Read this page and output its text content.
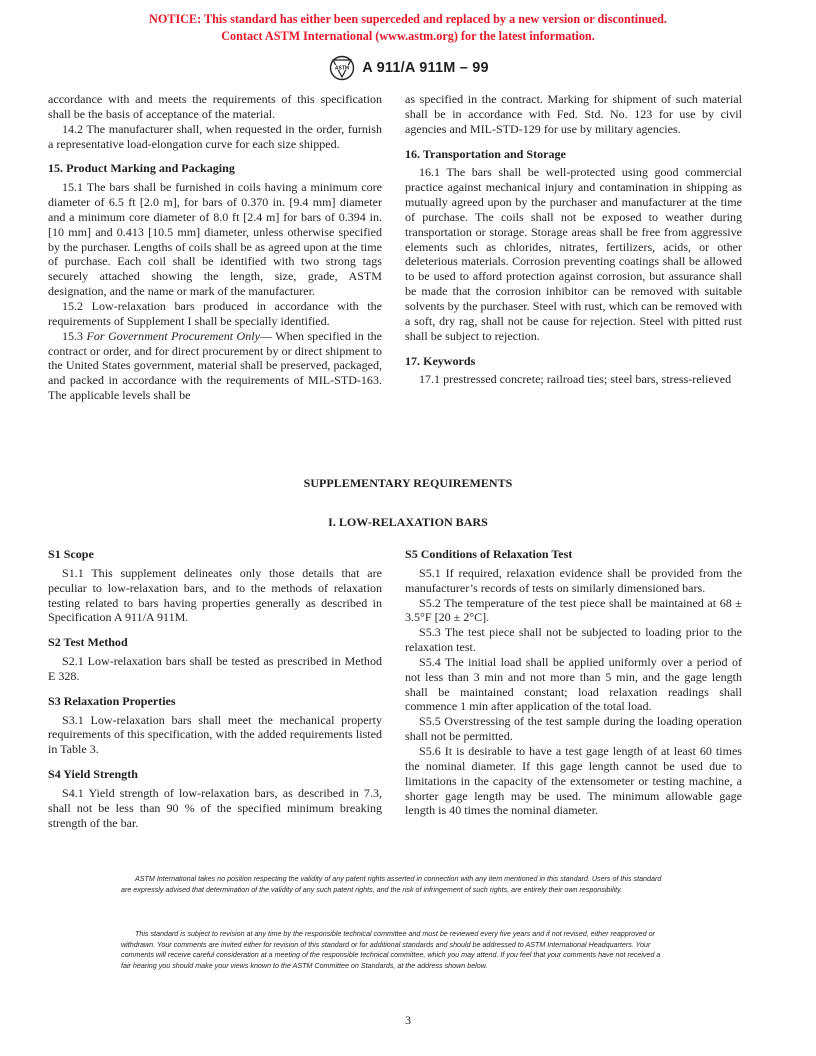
NOTICE: This standard has either been superceded and replaced by a new version or discontinued.
Contact ASTM International (www.astm.org) for the latest information.
ASTM A 911/A 911M – 99

accordance with and meets the requirements of this specification shall be the basis of acceptance of the material.

14.2 The manufacturer shall, when requested in the order, furnish a representative load-elongation curve for each size shipped.

15. Product Marking and Packaging

15.1 The bars shall be furnished in coils having a minimum core diameter of 6.5 ft [2.0 m], for bars of 0.370 in. [9.4 mm] diameter and a minimum core diameter of 8.0 ft [2.4 m] for bars of 0.394 in. [10 mm] and 0.413 [10.5 mm] diameter, unless otherwise specified by the purchaser. Lengths of coils shall be as agreed upon at the time of purchase. Each coil shall be identified with two strong tags securely attached showing the length, size, grade, ASTM designation, and the name or mark of the manufacturer.

15.2 Low-relaxation bars produced in accordance with the requirements of Supplement I shall be specially identified.

15.3 For Government Procurement Only— When specified in the contract or order, and for direct procurement by or direct shipment to the United States government, material shall be preserved, packaged, and packed in accordance with the requirements of MIL-STD-163. The applicable levels shall be

as specified in the contract. Marking for shipment of such material shall be in accordance with Fed. Std. No. 123 for use by civil agencies and MIL-STD-129 for use by military agencies.

16. Transportation and Storage

16.1 The bars shall be well-protected using good commercial practice against mechanical injury and contamination in shipping as mutually agreed upon by the purchaser and manufacturer at the time of purchase. The coils shall not be exposed to weather during transportation or storage. Storage areas shall be free from aggressive elements such as chlorides, nitrates, fertilizers, acids, or other deleterious materials. Corrosion preventing coatings shall be allowed to be used to afford protection against corrosion, but assurance shall be made that the corrosion inhibitor can be removed with suitable solvents by the purchaser. Steel with rust, which can be removed with a soft, dry rag, shall not be cause for rejection. Steel with pitted rust shall be subject to rejection.

17. Keywords

17.1 prestressed concrete; railroad ties; steel bars, stress-relieved

SUPPLEMENTARY REQUIREMENTS
I. LOW-RELAXATION BARS
S1 Scope

S1.1 This supplement delineates only those details that are peculiar to low-relaxation bars, and to the methods of relaxation testing related to bars having properties generally as described in Specification A 911/A 911M.

S2 Test Method

S2.1 Low-relaxation bars shall be tested as prescribed in Method E 328.

S3 Relaxation Properties

S3.1 Low-relaxation bars shall meet the mechanical property requirements of this specification, with the added requirements listed in Table 3.

S4 Yield Strength

S4.1 Yield strength of low-relaxation bars, as described in 7.3, shall not be less than 90 % of the specified minimum breaking strength of the bar.

S5 Conditions of Relaxation Test

S5.1 If required, relaxation evidence shall be provided from the manufacturer’s records of tests on similarly dimensioned bars.

S5.2 The temperature of the test piece shall be maintained at 68 ± 3.5°F [20 ± 2°C].

S5.3 The test piece shall not be subjected to loading prior to the relaxation test.

S5.4 The initial load shall be applied uniformly over a period of not less than 3 min and not more than 5 min, and the gage length shall be maintained constant; load relaxation readings shall commence 1 min after application of the total load.

S5.5 Overstressing of the test sample during the loading operation shall not be permitted.

S5.6 It is desirable to have a test gage length of at least 60 times the nominal diameter. If this gage length cannot be used due to limitations in the capacity of the extensometer or testing machine, a shorter gage length may be used. The minimum allowable gage length is 40 times the nominal diameter.

ASTM International takes no position respecting the validity of any patent rights asserted in connection with any item mentioned in this standard. Users of this standard are expressly advised that determination of the validity of any such patent rights, and the risk of infringement of such rights, are entirely their own responsibility.

This standard is subject to revision at any time by the responsible technical committee and must be reviewed every five years and if not revised, either reapproved or withdrawn. Your comments are invited either for revision of this standard or for additional standards and should be addressed to ASTM International Headquarters. Your comments will receive careful consideration at a meeting of the responsible technical committee, which you may attend. If you feel that your comments have not received a fair hearing you should make your views known to the ASTM Committee on Standards, at the address shown below.

3
